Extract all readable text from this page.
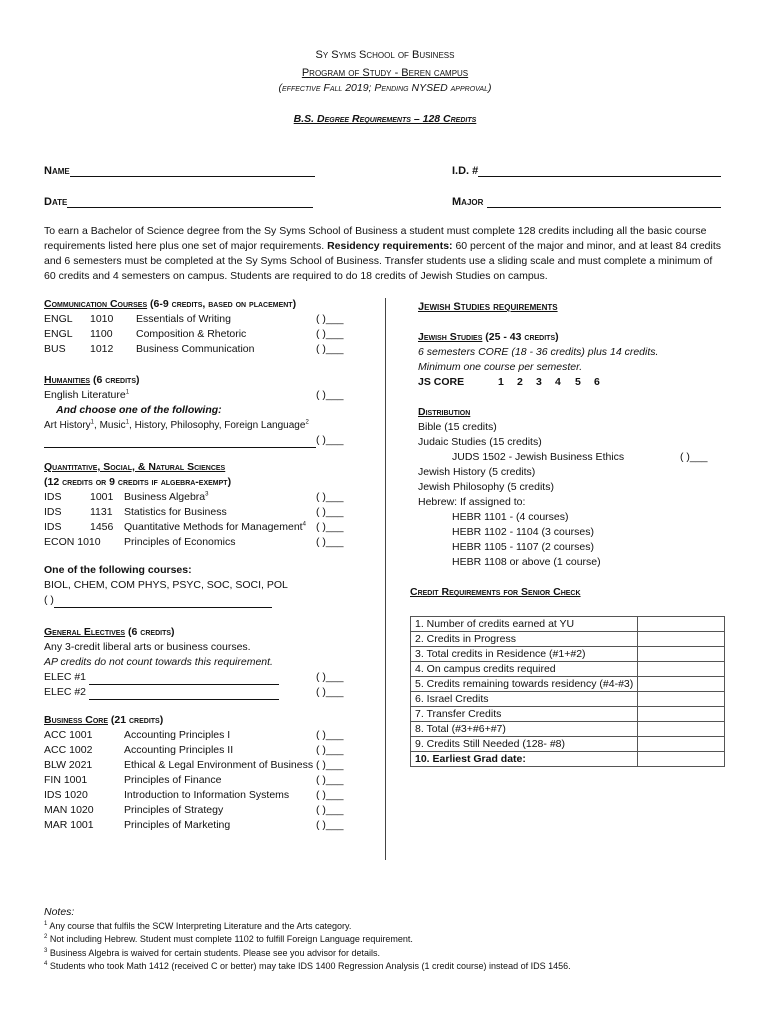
Sy Syms School of Business
Program of Study - Beren campus
(effective Fall 2019; Pending NYSED approval)
B.S. Degree Requirements – 128 Credits
Name	I.D. #
Date	Major
To earn a Bachelor of Science degree from the Sy Syms School of Business a student must complete 128 credits including all the basic course requirements listed here plus one set of major requirements. Residency requirements: 60 percent of the major and minor, and at least 84 credits and 6 semesters must be completed at the Sy Syms School of Business. Transfer students use a sliding scale and must complete a minimum of 60 credits and 4 semesters on campus. Students are required to do 18 credits of Jewish Studies on campus.
Communication Courses (6-9 credits, based on placement)
ENGL 1010 Essentials of Writing	( )___
ENGL 1100 Composition & Rhetoric	( )___
BUS 1012 Business Communication	( )___
Humanities (6 credits)
English Literature$^1$	( )___
And choose one of the following:
Art History$^1$, Music$^1$, History, Philosophy, Foreign Language$^2$
( )___
Quantitative, Social, & Natural Sciences
(12 credits or 9 credits if algebra-exempt)
IDS	1001 Business Algebra$^3$	( )___
IDS	1131 Statistics for Business	( )___
IDS	1456 Quantitative Methods for Management$^4$ ( )___
ECON 1010 Principles of Economics	( )___
One of the following courses:
BIOL, CHEM, COM PHYS, PSYC, SOC, SOCI, POL
( )
General Electives (6 credits)
Any 3-credit liberal arts or business courses.
AP credits do not count towards this requirement.
ELEC #1	( )___
ELEC #2	( )___
Business Core (21 credits)
ACC 1001	Accounting Principles I	( )___
ACC 1002	Accounting Principles II	( )___
BLW 2021	Ethical & Legal Environment of Business ( )___
FIN 1001	Principles of Finance	( )___
IDS 1020	Introduction to Information Systems	( )___
MAN 1020	Principles of Strategy	( )___
MAR 1001	Principles of Marketing	( )___
Jewish Studies requirements
Jewish Studies (25 - 43 credits)
6 semesters CORE (18 - 36 credits) plus 14 credits.
Minimum one course per semester.
JS CORE	1 2 3 4 5 6
Distribution
Bible (15 credits)
Judaic Studies (15 credits)
JUDS 1502 - Jewish Business Ethics	( )___
Jewish History (5 credits)
Jewish Philosophy (5 credits)
Hebrew: If assigned to:
HEBR 1101 - (4 courses)
HEBR 1102 - 1104 (3 courses)
HEBR 1105 - 1107 (2 courses)
HEBR 1108 or above (1 course)
Credit Requirements for Senior Check
1. Number of credits earned at YU	
2. Credits in Progress	
3. Total credits in Residence (#1+#2)	
4. On campus credits required	
5. Credits remaining towards residency (#4-#3)	
6. Israel Credits	
7. Transfer Credits	
8. Total (#3+#6+#7)	
9. Credits Still Needed (128- #8)	
10. Earliest Grad date:	
Notes:
$^1$ Any course that fulfils the SCW Interpreting Literature and the Arts category.
$^2$ Not including Hebrew. Student must complete 1102 to fulfill Foreign Language requirement.
$^3$ Business Algebra is waived for certain students. Please see you advisor for details.
$^4$ Students who took Math 1412 (received C or better) may take IDS 1400 Regression Analysis (1 credit course) instead of IDS 1456.
